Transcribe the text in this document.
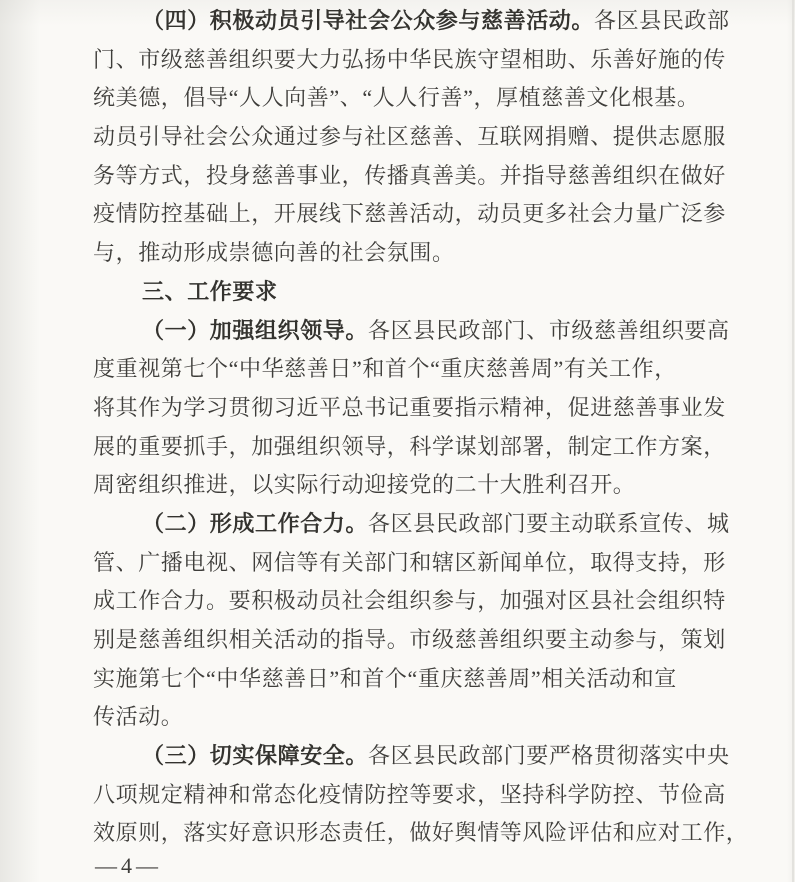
（四）积极动员引导社会公众参与慈善活动。各区县民政部
门、市级慈善组织要大力弘扬中华民族守望相助、乐善好施的传
统美德，倡导“人人向善”、“人人行善”，厚植慈善文化根基。
动员引导社会公众通过参与社区慈善、互联网捐赠、提供志愿服
务等方式，投身慈善事业，传播真善美。并指导慈善组织在做好
疫情防控基础上，开展线下慈善活动，动员更多社会力量广泛参
与，推动形成崇德向善的社会氛围。
三、工作要求
（一）加强组织领导。各区县民政部门、市级慈善组织要高
度重视第七个“中华慈善日”和首个“重庆慈善周”有关工作，
将其作为学习贯彻习近平总书记重要指示精神，促进慈善事业发
展的重要抓手，加强组织领导，科学谋划部署，制定工作方案，
周密组织推进，以实际行动迎接党的二十大胜利召开。
（二）形成工作合力。各区县民政部门要主动联系宣传、城
管、广播电视、网信等有关部门和辖区新闻单位，取得支持，形
成工作合力。要积极动员社会组织参与，加强对区县社会组织特
别是慈善组织相关活动的指导。市级慈善组织要主动参与，策划
实施第七个“中华慈善日”和首个“重庆慈善周”相关活动和宣
传活动。
（三）切实保障安全。各区县民政部门要严格贯彻落实中央
八项规定精神和常态化疫情防控等要求，坚持科学防控、节俭高
效原则，落实好意识形态责任，做好舆情等风险评估和应对工作，
—4—
